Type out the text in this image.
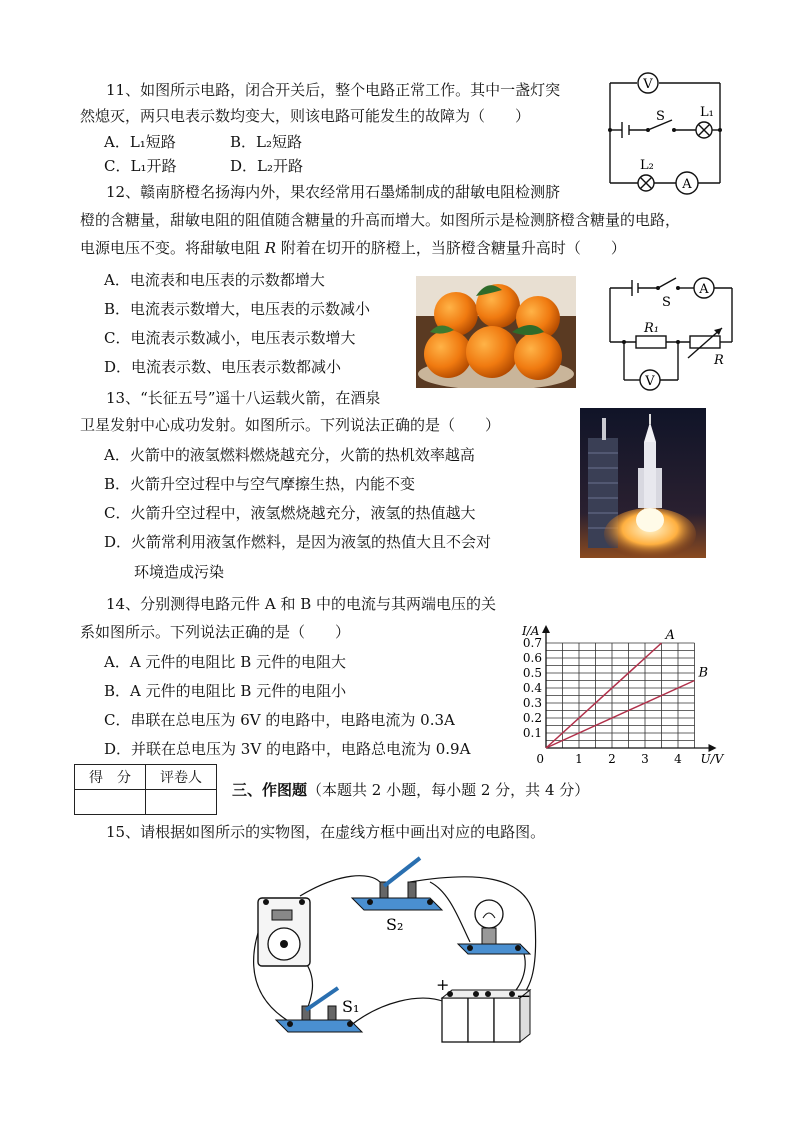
11、如图所示电路，闭合开关后，整个电路正常工作。其中一盏灯突
然熄灭，两只电表示数均变大，则该电路可能发生的故障为（　　）
A．L₁短路	B．L₂短路
C．L₁开路	D．L₂开路
V
S	L₁
L₂
A
12、赣南脐橙名扬海内外，果农经常用石墨烯制成的甜敏电阻检测脐
橙的含糖量，甜敏电阻的阻值随含糖量的升高而增大。如图所示是检测脐橙含糖量的电路，
电源电压不变。将甜敏电阻 R 附着在切开的脐橙上，当脐橙含糖量升高时（　　）
A．电流表和电压表的示数都增大
B．电流表示数增大，电压表的示数减小
C．电流表示数减小，电压表示数增大
D．电流表示数、电压表示数都减小
S
A
R₁
R
V
13、“长征五号”遥十八运载火箭，在酒泉
卫星发射中心成功发射。如图所示。下列说法正确的是（　　）
A．火箭中的液氢燃料燃烧越充分，火箭的热机效率越高
B．火箭升空过程中与空气摩擦生热，内能不变
C．火箭升空过程中，液氢燃烧越充分，液氢的热值越大
D．火箭常利用液氢作燃料，是因为液氢的热值大且不会对
环境造成污染
14、分别测得电路元件 A 和 B 中的电流与其两端电压的关
系如图所示。下列说法正确的是（　　）
A．A 元件的电阻比 B 元件的电阻大
B．A 元件的电阻比 B 元件的电阻小
C．串联在总电压为 6V 的电路中，电路电流为 0.3A
D．并联在总电压为 3V 的电路中，电路总电流为 0.9A
0.1
0.2
0.3
0.4
0.5
0.6
0.7
0	1 2 3 4
I/A
U/V
A
B
得　分	评卷人

三、作图题（本题共 2 小题，每小题 2 分，共 4 分）
15、请根据如图所示的实物图，在虚线方框中画出对应的电路图。
S₂
+
−
S₁
